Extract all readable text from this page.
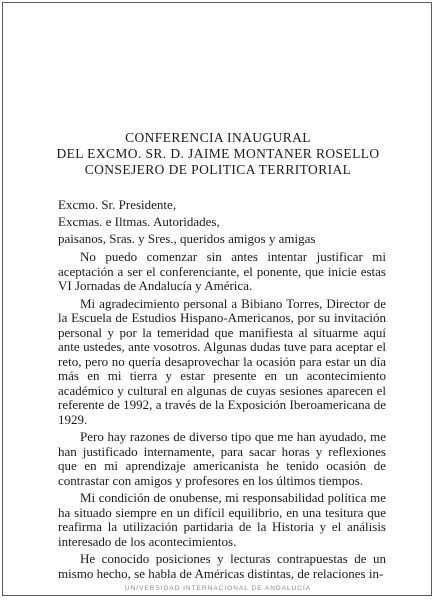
CONFERENCIA INAUGURAL
DEL EXCMO. SR. D. JAIME MONTANER ROSELLO
CONSEJERO DE POLITICA TERRITORIAL
Excmo. Sr. Presidente,
Excmas. e Iltmas. Autoridades,
paisanos, Sras. y Sres., queridos amigos y amigas

No puedo comenzar sin antes intentar justificar mi aceptación a ser el conferenciante, el ponente, que inicie estas VI Jornadas de Andalucía y América.

Mi agradecimiento personal a Bibiano Torres, Director de la Escuela de Estudios Hispano-Americanos, por su invitación personal y por la temeridad que manifiesta al situarme aquí ante ustedes, ante vosotros. Algunas dudas tuve para aceptar el reto, pero no quería desaprovechar la ocasión para estar un día más en mi tierra y estar presente en un acontecimiento académico y cultural en algunas de cuyas sesiones aparecen el referente de 1992, a través de la Exposición Iberoamericana de 1929.

Pero hay razones de diverso tipo que me han ayudado, me han justificado internamente, para sacar horas y reflexiones que en mi aprendizaje americanista he tenido ocasión de contrastar con amigos y profesores en los últimos tiempos.

Mi condición de onubense, mi responsabilidad política me ha situado siempre en un difícil equilibrio, en una tesitura que reafirma la utilización partidaria de la Historia y el análisis interesado de los acontecimientos.

He conocido posiciones y lecturas contrapuestas de un mismo hecho, se habla de Américas distintas, de relaciones in-

UNIVERSIDAD INTERNACIONAL DE ANDALUCÍA
